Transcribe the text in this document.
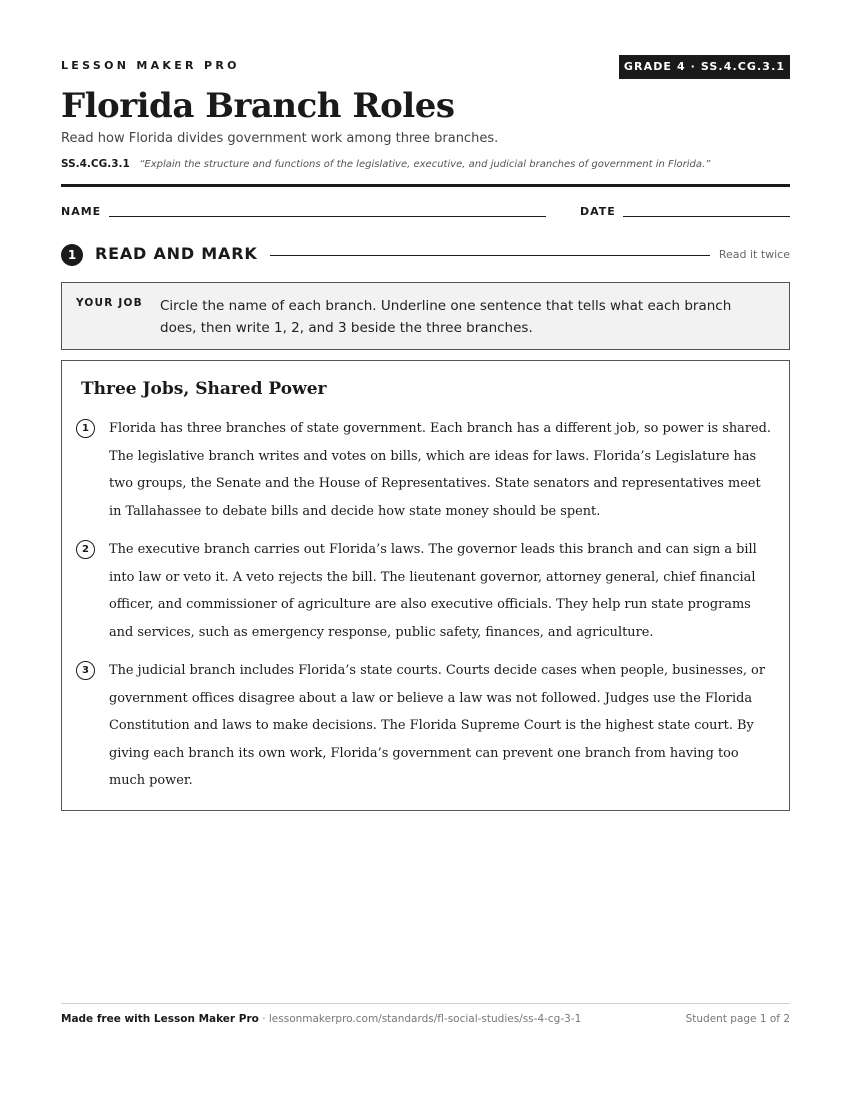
LESSON MAKER PRO	GRADE 4 · SS.4.CG.3.1
Florida Branch Roles
Read how Florida divides government work among three branches.
SS.4.CG.3.1 “Explain the structure and functions of the legislative, executive, and judicial branches of government in Florida.”
NAME	DATE
1	READ AND MARK	Read it twice
YOUR JOB Circle the name of each branch. Underline one sentence that tells what each branch does, then write 1, 2, and 3 beside the three branches.
Three Jobs, Shared Power
1	Florida has three branches of state government. Each branch has a different job, so power is shared. The legislative branch writes and votes on bills, which are ideas for laws. Florida’s Legislature has two groups, the Senate and the House of Representatives. State senators and representatives meet in Tallahassee to debate bills and decide how state money should be spent.
2	The executive branch carries out Florida’s laws. The governor leads this branch and can sign a bill into law or veto it. A veto rejects the bill. The lieutenant governor, attorney general, chief financial officer, and commissioner of agriculture are also executive officials. They help run state programs and services, such as emergency response, public safety, finances, and agriculture.
3	The judicial branch includes Florida’s state courts. Courts decide cases when people, businesses, or government offices disagree about a law or believe a law was not followed. Judges use the Florida Constitution and laws to make decisions. The Florida Supreme Court is the highest state court. By giving each branch its own work, Florida’s government can prevent one branch from having too much power.
Made free with Lesson Maker Pro · lessonmakerpro.com/standards/fl-social-studies/ss-4-cg-3-1	Student page 1 of 2
